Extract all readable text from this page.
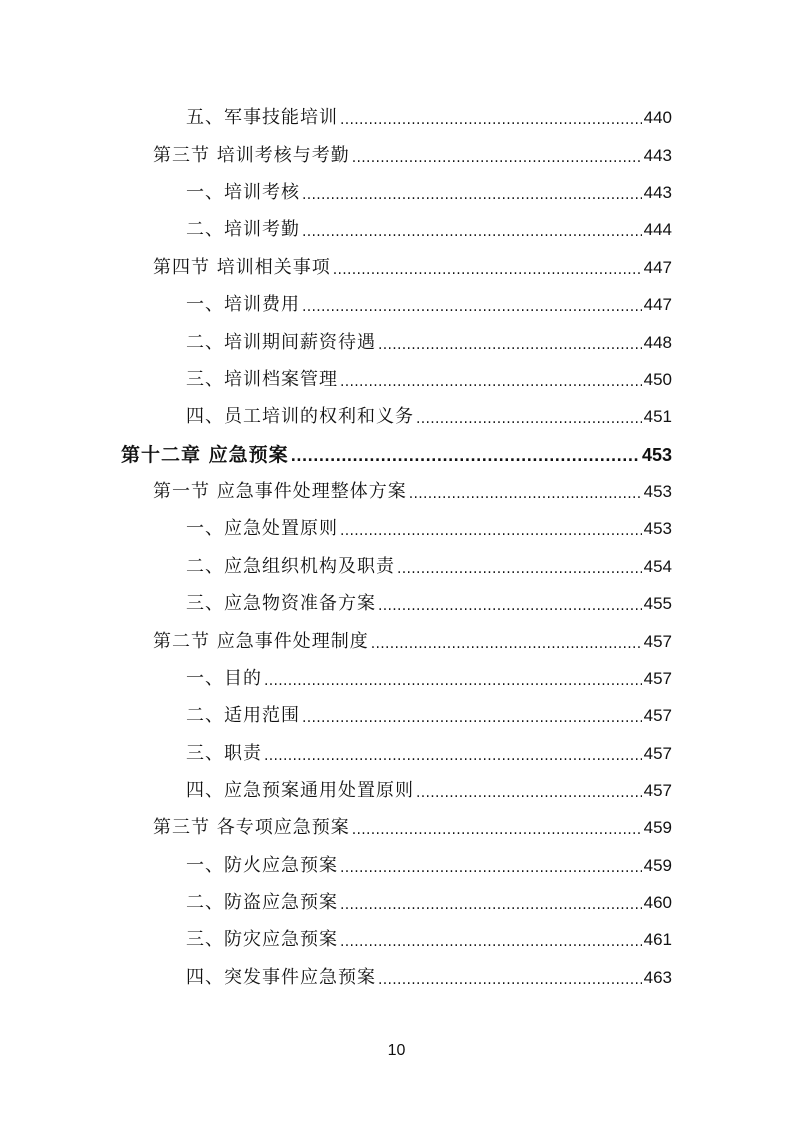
五、军事技能培训 .....	440
第三节 培训考核与考勤 .....	443
一、培训考核 .....	443
二、培训考勤 .....	444
第四节 培训相关事项 .....	447
一、培训费用 .....	447
二、培训期间薪资待遇 .....	448
三、培训档案管理 .....	450
四、员工培训的权利和义务 .....	451
第十二章 应急预案 .....	453
第一节 应急事件处理整体方案 .....	453
一、应急处置原则 .....	453
二、应急组织机构及职责 .....	454
三、应急物资准备方案 .....	455
第二节 应急事件处理制度 .....	457
一、目的 .....	457
二、适用范围 .....	457
三、职责 .....	457
四、应急预案通用处置原则 .....	457
第三节 各专项应急预案 .....	459
一、防火应急预案 .....	459
二、防盗应急预案 .....	460
三、防灾应急预案 .....	461
四、突发事件应急预案 .....	463
10
